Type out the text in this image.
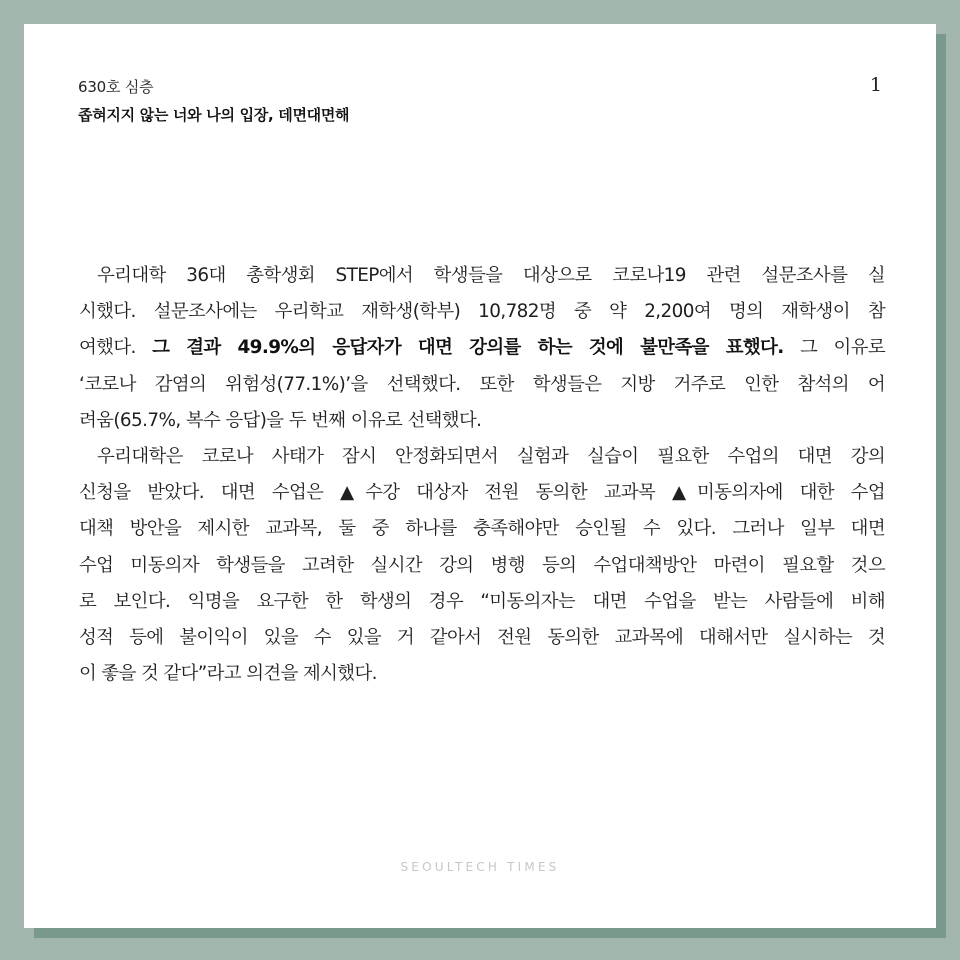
630호 심층
좁혀지지 않는 너와 나의 입장, 데면대면해
1
우리대학 36대 총학생회 STEP에서 학생들을 대상으로 코로나19 관련 설문조사를 실
시했다. 설문조사에는 우리학교 재학생(학부) 10,782명 중 약 2,200여 명의 재학생이 참
여했다. 그 결과 49.9%의 응답자가 대면 강의를 하는 것에 불만족을 표했다. 그 이유로
‘코로나 감염의 위험성(77.1%)’을 선택했다. 또한 학생들은 지방 거주로 인한 참석의 어
려움(65.7%, 복수 응답)을 두 번째 이유로 선택했다.
우리대학은 코로나 사태가 잠시 안정화되면서 실험과 실습이 필요한 수업의 대면 강의
신청을 받았다. 대면 수업은 ▲수강 대상자 전원 동의한 교과목 ▲미동의자에 대한 수업
대책 방안을 제시한 교과목, 둘 중 하나를 충족해야만 승인될 수 있다. 그러나 일부 대면
수업 미동의자 학생들을 고려한 실시간 강의 병행 등의 수업대책방안 마련이 필요할 것으
로 보인다. 익명을 요구한 한 학생의 경우 “미동의자는 대면 수업을 받는 사람들에 비해
성적 등에 불이익이 있을 수 있을 거 같아서 전원 동의한 교과목에 대해서만 실시하는 것
이 좋을 것 같다”라고 의견을 제시했다.
SEOULTECH TIMES
